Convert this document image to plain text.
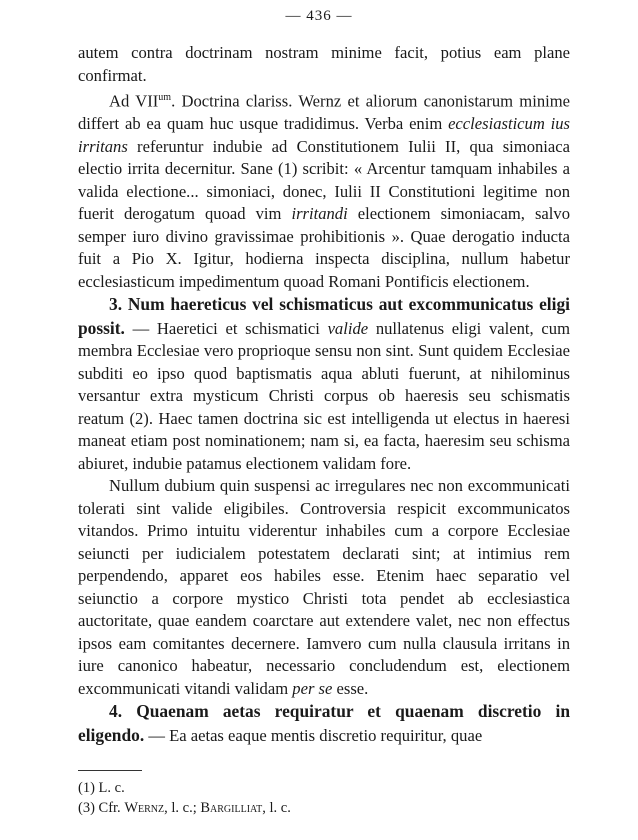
— 436 —

autem contra doctrinam nostram minime facit, potius eam plane confirmat.

Ad $VII^{um}$. Doctrina clariss. Wernz et aliorum canonistarum minime differt ab ea quam huc usque tradidimus. Verba enim ecclesiasticum ius irritans referuntur indubie ad Constitutionem Iulii II, qua simoniaca electio irrita decernitur. Sane (1) scribit: « Arcentur tamquam inhabiles a valida electione... simoniaci, donec, Iulii II Constitutioni legitime non fuerit derogatum quoad vim irritandi electionem simoniacam, salvo semper iuro divino gravissimae prohibitionis ». Quae derogatio inducta fuit a Pio X. Igitur, hodierna inspecta disciplina, nullum habetur ecclesiasticum impedimentum quoad Romani Pontificis electionem.

3. Num haereticus vel schismaticus aut excommunicatus eligi possit. — Haeretici et schismatici valide nullatenus eligi valent, cum membra Ecclesiae vero proprioque sensu non sint. Sunt quidem Ecclesiae subditi eo ipso quod baptismatis aqua abluti fuerunt, at nihilominus versantur extra mysticum Christi corpus ob haeresis seu schismatis reatum (2). Haec tamen doctrina sic est intelligenda ut electus in haeresi maneat etiam post nominationem; nam si, ea facta, haeresim seu schisma abiuret, indubie patamus electionem validam fore.

Nullum dubium quin suspensi ac irregulares nec non excommunicati tolerati sint valide eligibiles. Controversia respicit excommunicatos vitandos. Primo intuitu viderentur inhabiles cum a corpore Ecclesiae seiuncti per iudicialem potestatem declarati sint; at intimius rem perpendendo, apparet eos habiles esse. Etenim haec separatio vel seiunctio a corpore mystico Christi tota pendet ab ecclesiastica auctoritate, quae eandem coarctare aut extendere valet, nec non effectus ipsos eam comitantes decernere. Iamvero cum nulla clausula irritans in iure canonico habeatur, necessario concludendum est, electionem excommunicati vitandi validam per se esse.

4. Quaenam aetas requiratur et quaenam discretio in eligendo. — Ea aetas eaque mentis discretio requiritur, quae

(1) L. c.
(3) Cfr. Wernz, l. c.; Bargilliat, l. c.
